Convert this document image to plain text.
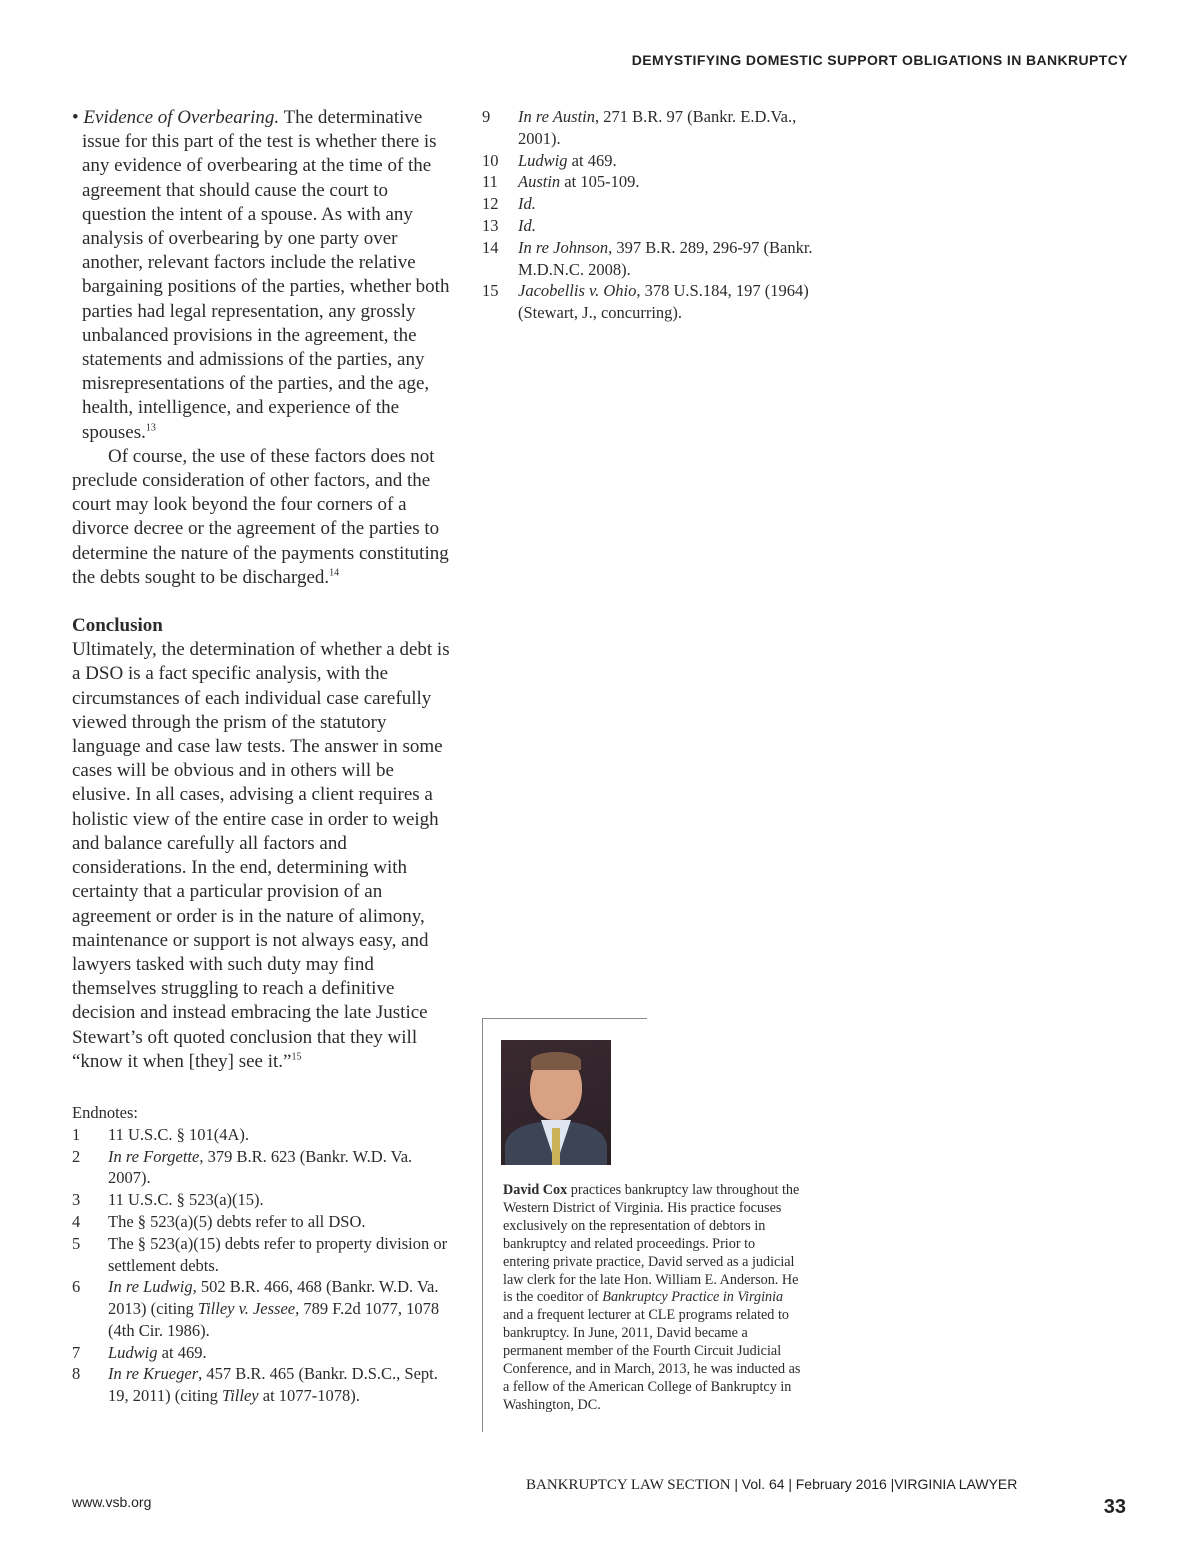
DEMYSTIFYING DOMESTIC SUPPORT OBLIGATIONS IN BANKRUPTCY
• Evidence of Overbearing. The determinative issue for this part of the test is whether there is any evidence of overbearing at the time of the agreement that should cause the court to question the intent of a spouse. As with any analysis of overbearing by one party over another, relevant factors include the relative bargaining positions of the parties, whether both parties had legal representation, any grossly unbalanced provisions in the agreement, the statements and admissions of the parties, any misrepresentations of the parties, and the age, health, intelligence, and experience of the spouses.$^{13}$

Of course, the use of these factors does not preclude consideration of other factors, and the court may look beyond the four corners of a divorce decree or the agreement of the parties to determine the nature of the payments constituting the debts sought to be discharged.$^{14}$

Conclusion

Ultimately, the determination of whether a debt is a DSO is a fact specific analysis, with the circumstances of each individual case carefully viewed through the prism of the statutory language and case law tests. The answer in some cases will be obvious and in others will be elusive. In all cases, advising a client requires a holistic view of the entire case in order to weigh and balance carefully all factors and considerations. In the end, determining with certainty that a particular provision of an agreement or order is in the nature of alimony, maintenance or support is not always easy, and lawyers tasked with such duty may find themselves struggling to reach a definitive decision and instead embracing the late Justice Stewart’s oft quoted conclusion that they will “know it when [they] see it.”$^{15}$

Endnotes:
1	11 U.S.C. § 101(4A).
2	In re Forgette, 379 B.R. 623 (Bankr. W.D. Va. 2007).
3	11 U.S.C. § 523(a)(15).
4	The § 523(a)(5) debts refer to all DSO.
5	The § 523(a)(15) debts refer to property division or settlement debts.
6	In re Ludwig, 502 B.R. 466, 468 (Bankr. W.D. Va. 2013) (citing Tilley v. Jessee, 789 F.2d 1077, 1078 (4th Cir. 1986).
7	Ludwig at 469.
8	In re Krueger, 457 B.R. 465 (Bankr. D.S.C., Sept. 19, 2011) (citing Tilley at 1077-1078).
9	In re Austin, 271 B.R. 97 (Bankr. E.D.Va., 2001).
10	Ludwig at 469.
11	Austin at 105-109.
12	Id.
13	Id.
14	In re Johnson, 397 B.R. 289, 296-97 (Bankr. M.D.N.C. 2008).
15	Jacobellis v. Ohio, 378 U.S.184, 197 (1964) (Stewart, J., concurring).
David Cox practices bankruptcy law throughout the Western District of Virginia. His practice focuses exclusively on the representation of debtors in bankruptcy and related proceedings. Prior to entering private practice, David served as a judicial law clerk for the late Hon. William E. Anderson. He is the coeditor of Bankruptcy Practice in Virginia and a frequent lecturer at CLE programs related to bankruptcy. In June, 2011, David became a permanent member of the Fourth Circuit Judicial Conference, and in March, 2013, he was inducted as a fellow of the American College of Bankruptcy in Washington, DC.
BANKRUPTCY LAW SECTION | Vol. 64 | February 2016 |VIRGINIA LAWYER
www.vsb.org	33
